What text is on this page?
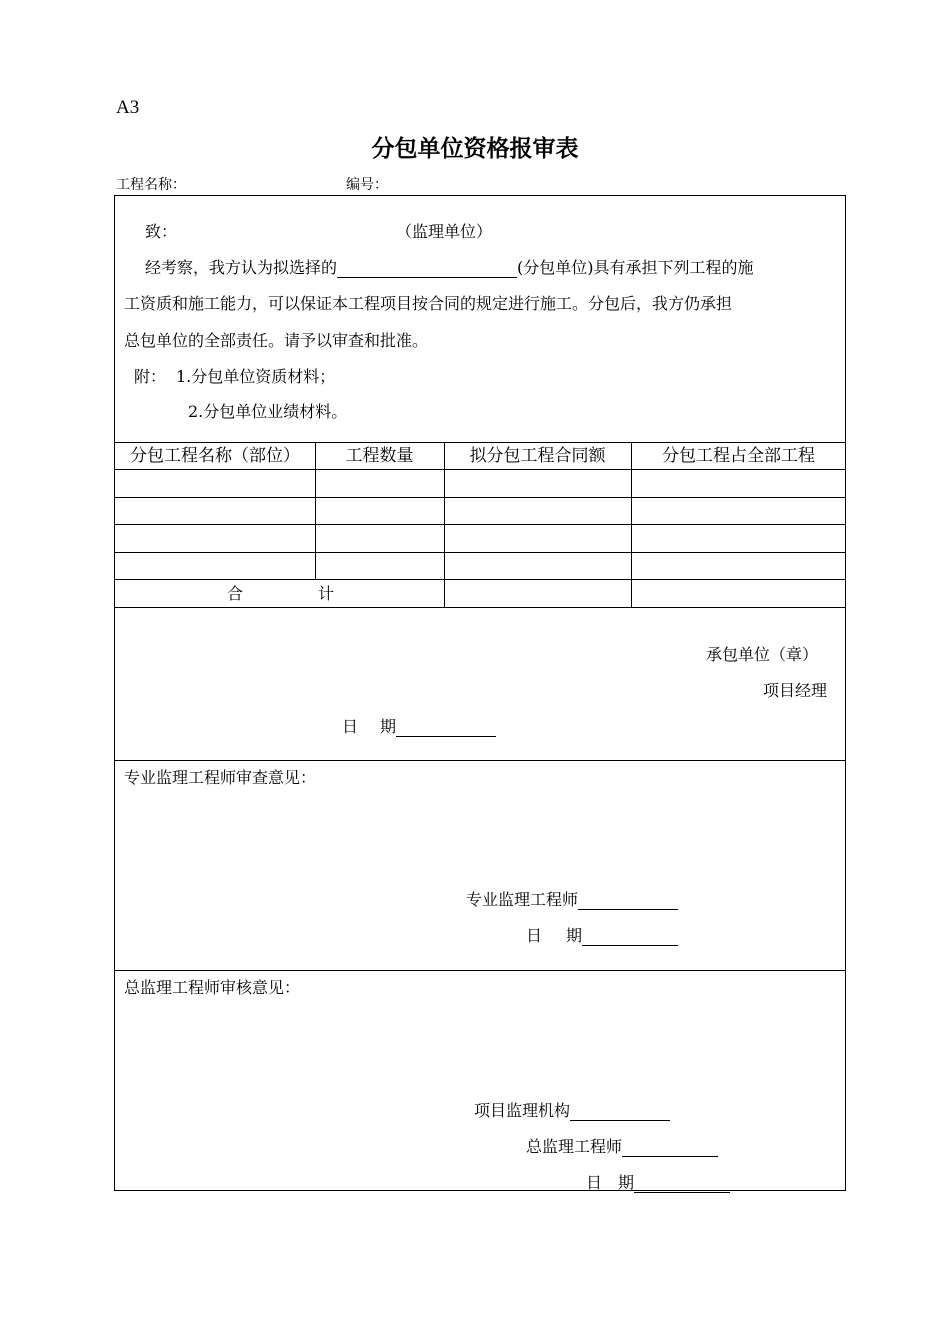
A3
分包单位资格报审表
工程名称：	编号：
致：	（监理单位）
经考察，我方认为拟选择的	(分包单位)具有承担下列工程的施
工资质和施工能力，可以保证本工程项目按合同的规定进行施工。分包后，我方仍承担
总包单位的全部责任。请予以审查和批准。
附： 1.分包单位资质材料；
2.分包单位业绩材料。
分包工程名称（部位）	工程数量	拟分包工程合同额	分包工程占全部工程
合	计
承包单位（章）
项目经理
日 期
专业监理工程师审查意见：
专业监理工程师
日 期
总监理工程师审核意见：
项目监理机构
总监理工程师
日 期
